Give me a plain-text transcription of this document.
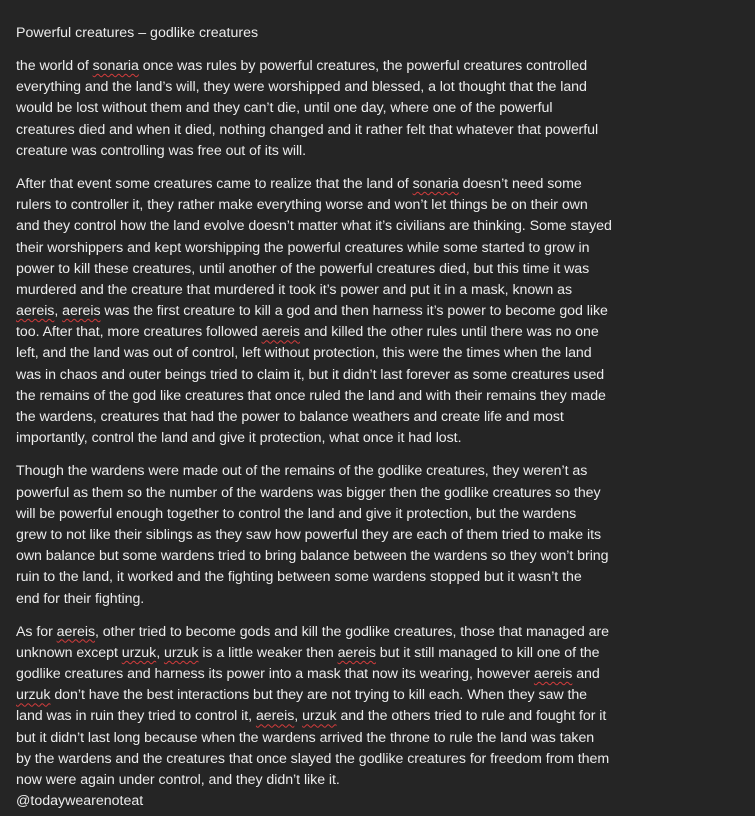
Powerful creatures – godlike creatures
the world of sonaria once was rules by powerful creatures, the powerful creatures controlled
everything and the land’s will, they were worshipped and blessed, a lot thought that the land
would be lost without them and they can’t die, until one day, where one of the powerful
creatures died and when it died, nothing changed and it rather felt that whatever that powerful
creature was controlling was free out of its will.
After that event some creatures came to realize that the land of sonaria doesn’t need some
rulers to controller it, they rather make everything worse and won’t let things be on their own
and they control how the land evolve doesn’t matter what it’s civilians are thinking. Some stayed
their worshippers and kept worshipping the powerful creatures while some started to grow in
power to kill these creatures, until another of the powerful creatures died, but this time it was
murdered and the creature that murdered it took it’s power and put it in a mask, known as
aereis, aereis was the first creature to kill a god and then harness it’s power to become god like
too. After that, more creatures followed aereis and killed the other rules until there was no one
left, and the land was out of control, left without protection, this were the times when the land
was in chaos and outer beings tried to claim it, but it didn’t last forever as some creatures used
the remains of the god like creatures that once ruled the land and with their remains they made
the wardens, creatures that had the power to balance weathers and create life and most
importantly, control the land and give it protection, what once it had lost.
Though the wardens were made out of the remains of the godlike creatures, they weren’t as
powerful as them so the number of the wardens was bigger then the godlike creatures so they
will be powerful enough together to control the land and give it protection, but the wardens
grew to not like their siblings as they saw how powerful they are each of them tried to make its
own balance but some wardens tried to bring balance between the wardens so they won’t bring
ruin to the land, it worked and the fighting between some wardens stopped but it wasn’t the
end for their fighting.
As for aereis, other tried to become gods and kill the godlike creatures, those that managed are
unknown except urzuk, urzuk is a little weaker then aereis but it still managed to kill one of the
godlike creatures and harness its power into a mask that now its wearing, however aereis and
urzuk don’t have the best interactions but they are not trying to kill each. When they saw the
land was in ruin they tried to control it, aereis, urzuk and the others tried to rule and fought for it
but it didn’t last long because when the wardens arrived the throne to rule the land was taken
by the wardens and the creatures that once slayed the godlike creatures for freedom from them
now were again under control, and they didn’t like it.
@todaywearenoteat
